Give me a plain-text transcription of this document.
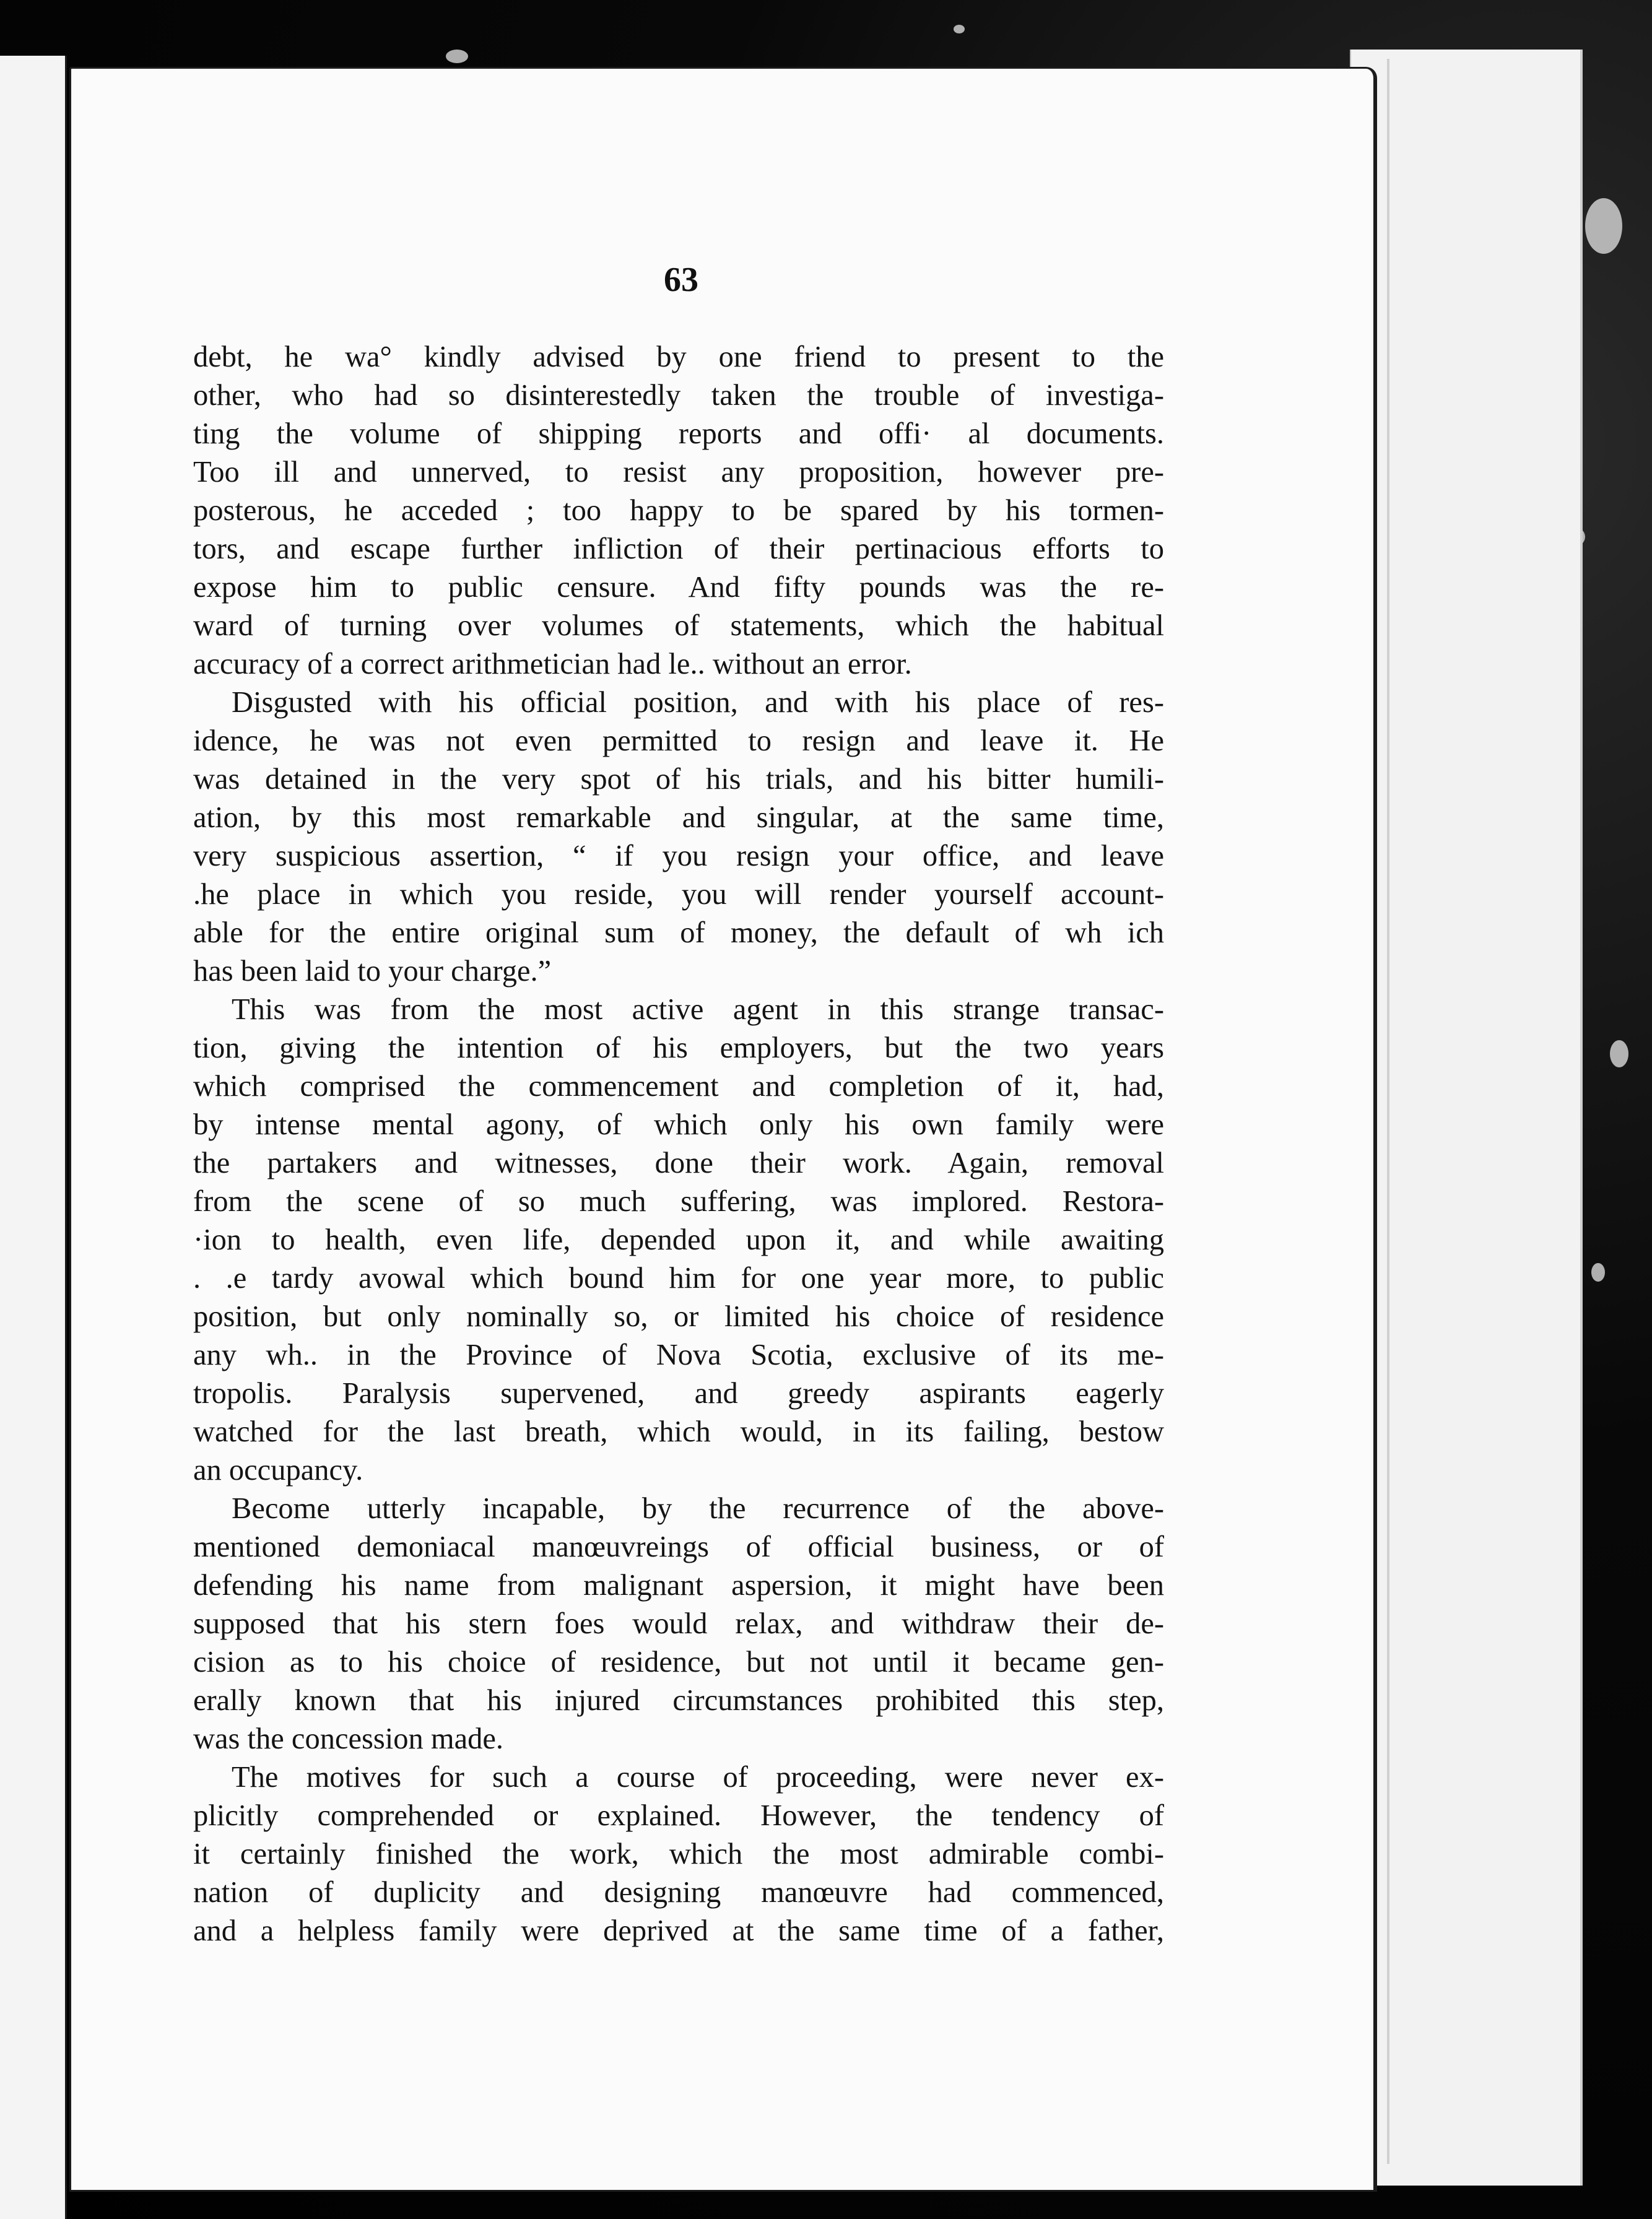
63
debt, he wa° kindly advised by one friend to present to the
other, who had so disinterestedly taken the trouble of investiga-
ting the volume of shipping reports and offi· al documents.
Too ill and unnerved, to resist any proposition, however pre-
posterous, he acceded ; too happy to be spared by his tormen-
tors, and escape further infliction of their pertinacious efforts to
expose him to public censure. And fifty pounds was the re-
ward of turning over volumes of statements, which the habitual
accuracy of a correct arithmetician had le.. without an error.
Disgusted with his official position, and with his place of res-
idence, he was not even permitted to resign and leave it. He
was detained in the very spot of his trials, and his bitter humili-
ation, by this most remarkable and singular, at the same time,
very suspicious assertion, “ if you resign your office, and leave
.he place in which you reside, you will render yourself account-
able for the entire original sum of money, the default of wh ich
has been laid to your charge.”
This was from the most active agent in this strange transac-
tion, giving the intention of his employers, but the two years
which comprised the commencement and completion of it, had,
by intense mental agony, of which only his own family were
the partakers and witnesses, done their work. Again, removal
from the scene of so much suffering, was implored. Restora-
·ion to health, even life, depended upon it, and while awaiting
. .e tardy avowal which bound him for one year more, to public
position, but only nominally so, or limited his choice of residence
any wh.. in the Province of Nova Scotia, exclusive of its me-
tropolis. Paralysis supervened, and greedy aspirants eagerly
watched for the last breath, which would, in its failing, bestow
an occupancy.
Become utterly incapable, by the recurrence of the above-
mentioned demoniacal manœuvreings of official business, or of
defending his name from malignant aspersion, it might have been
supposed that his stern foes would relax, and withdraw their de-
cision as to his choice of residence, but not until it became gen-
erally known that his injured circumstances prohibited this step,
was the concession made.
The motives for such a course of proceeding, were never ex-
plicitly comprehended or explained. However, the tendency of
it certainly finished the work, which the most admirable combi-
nation of duplicity and designing manœuvre had commenced,
and a helpless family were deprived at the same time of a father,
